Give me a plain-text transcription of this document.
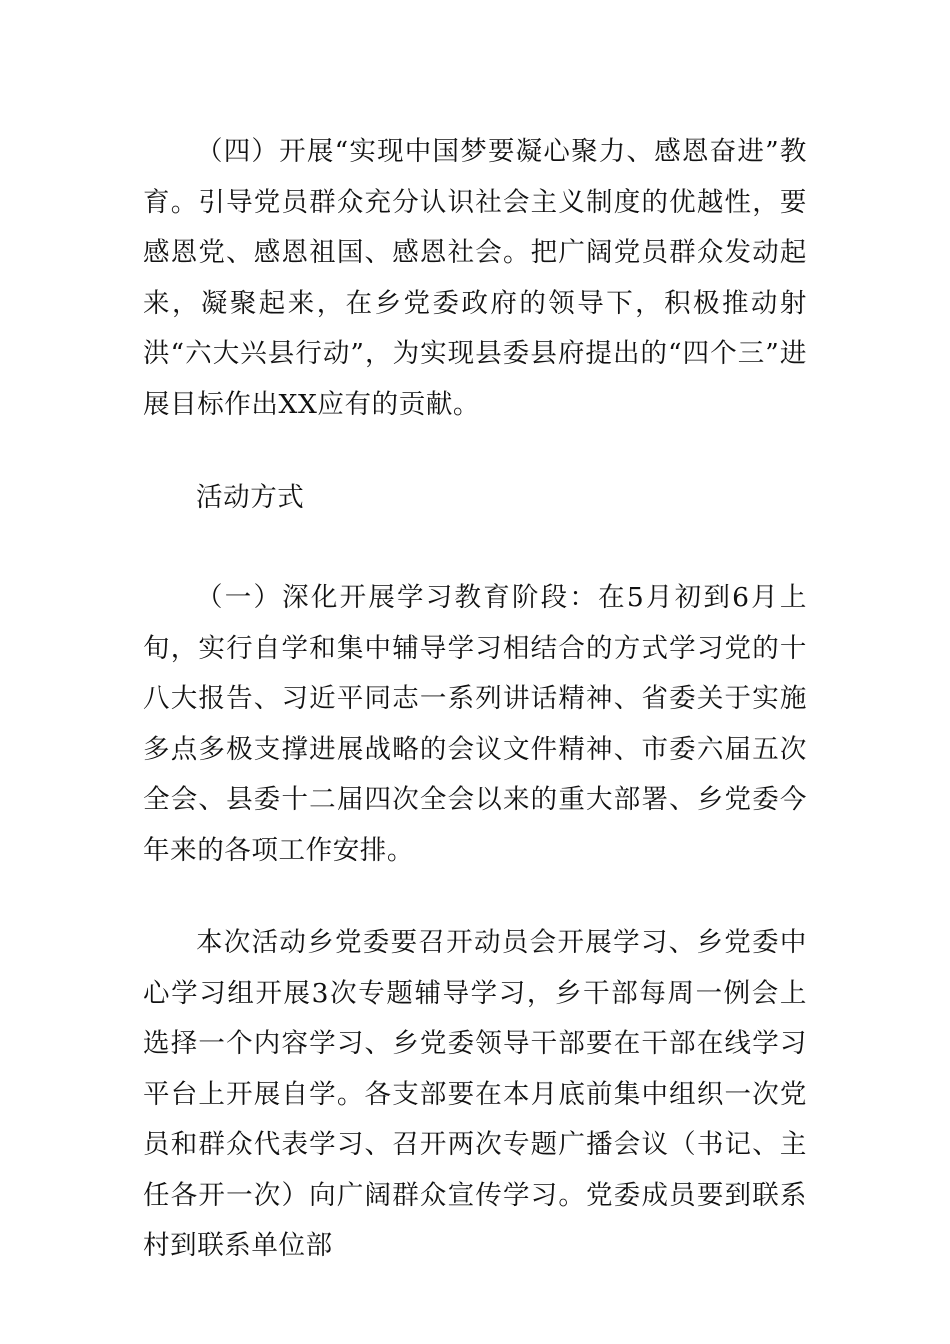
（四）开展“实现中国梦要凝心聚力、感恩奋进”教育。引导党员群众充分认识社会主义制度的优越性，要感恩党、感恩祖国、感恩社会。把广阔党员群众发动起来，凝聚起来，在乡党委政府的领导下，积极推动射洪“六大兴县行动”，为实现县委县府提出的“四个三”进展目标作出XX应有的贡献。

活动方式

（一）深化开展学习教育阶段：在5月初到6月上旬，实行自学和集中辅导学习相结合的方式学习党的十八大报告、习近平同志一系列讲话精神、省委关于实施多点多极支撑进展战略的会议文件精神、市委六届五次全会、县委十二届四次全会以来的重大部署、乡党委今年来的各项工作安排。

本次活动乡党委要召开动员会开展学习、乡党委中心学习组开展3次专题辅导学习，乡干部每周一例会上选择一个内容学习、乡党委领导干部要在干部在线学习平台上开展自学。各支部要在本月底前集中组织一次党员和群众代表学习、召开两次专题广播会议（书记、主任各开一次）向广阔群众宣传学习。党委成员要到联系村到联系单位部
